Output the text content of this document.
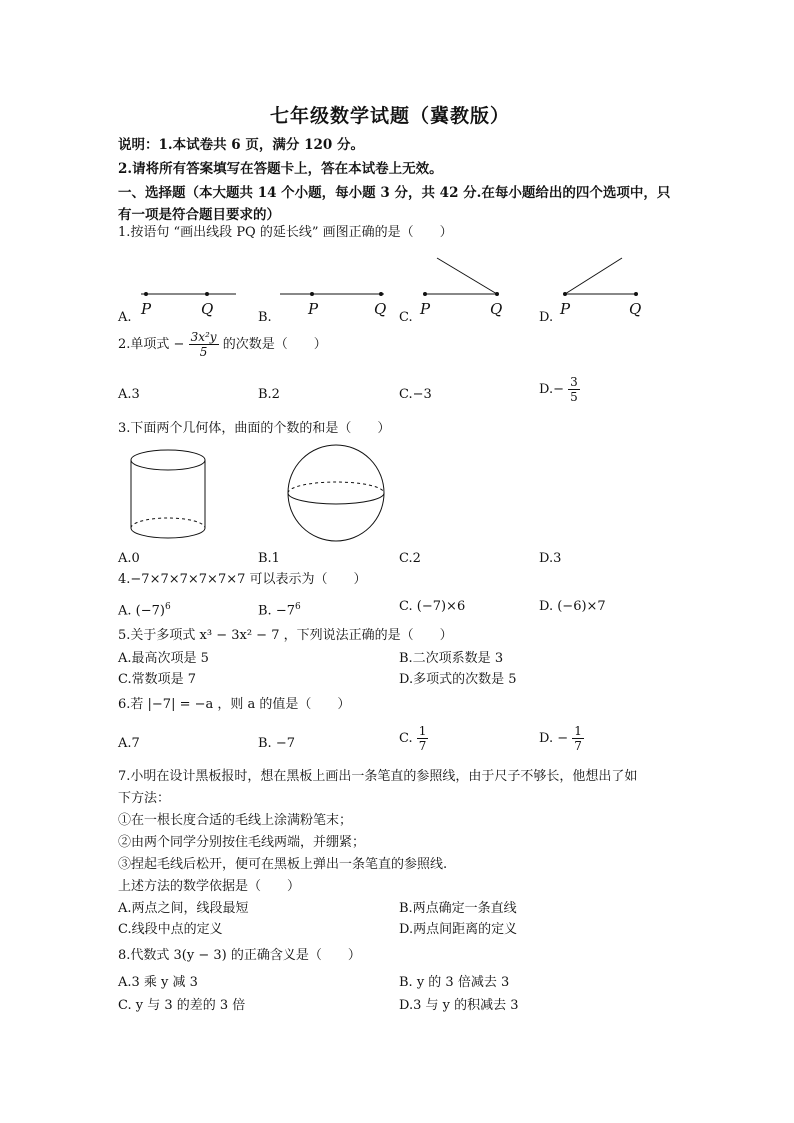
七年级数学试题（冀教版）
说明：1.本试卷共 6 页，满分 120 分。
2.请将所有答案填写在答题卡上，答在本试卷上无效。
一、选择题（本大题共 14 个小题，每小题 3 分，共 42 分.在每小题给出的四个选项中，只
有一项是符合题目要求的）
1.按语句 “画出线段 PQ 的延长线” 画图正确的是（　　）
P	Q	P	Q P	Q	P	Q
A.	B.	C.	D.
2.单项式 − $\frac{\text{3x²y}}{5}$ 的次数是（　　）
A.3	B.2	C.−3	$D.- \frac{3}{5}$
3.下面两个几何体，曲面的个数的和是（　　）
A.0	B.1	C.2	D.3
4.−7×7×7×7×7×7 可以表示为（　　）
A. $(-7)^6$	B. $-7^6$	C. (−7)×6	D. (−6)×7
5.关于多项式 x³ − 3x² − 7 ，下列说法正确的是（　　）
A.最高次项是 5	B.二次项系数是 3
C.常数项是 7	D.多项式的次数是 5
6.若 |−7| = −a ，则 a 的值是（　　）
A.7	B. −7	C. $\frac{1}{7}$	D. − $\frac{1}{7}$
7.小明在设计黑板报时，想在黑板上画出一条笔直的参照线，由于尺子不够长，他想出了如
下方法：
①在一根长度合适的毛线上涂满粉笔末；
②由两个同学分别按住毛线两端，并绷紧；
③捏起毛线后松开，便可在黑板上弹出一条笔直的参照线.
上述方法的数学依据是（　　）
A.两点之间，线段最短	B.两点确定一条直线
C.线段中点的定义	D.两点间距离的定义
8.代数式 3(y − 3) 的正确含义是（　　）
A.3 乘 y 减 3	B. y 的 3 倍减去 3
C. y 与 3 的差的 3 倍	D.3 与 y 的积减去 3
